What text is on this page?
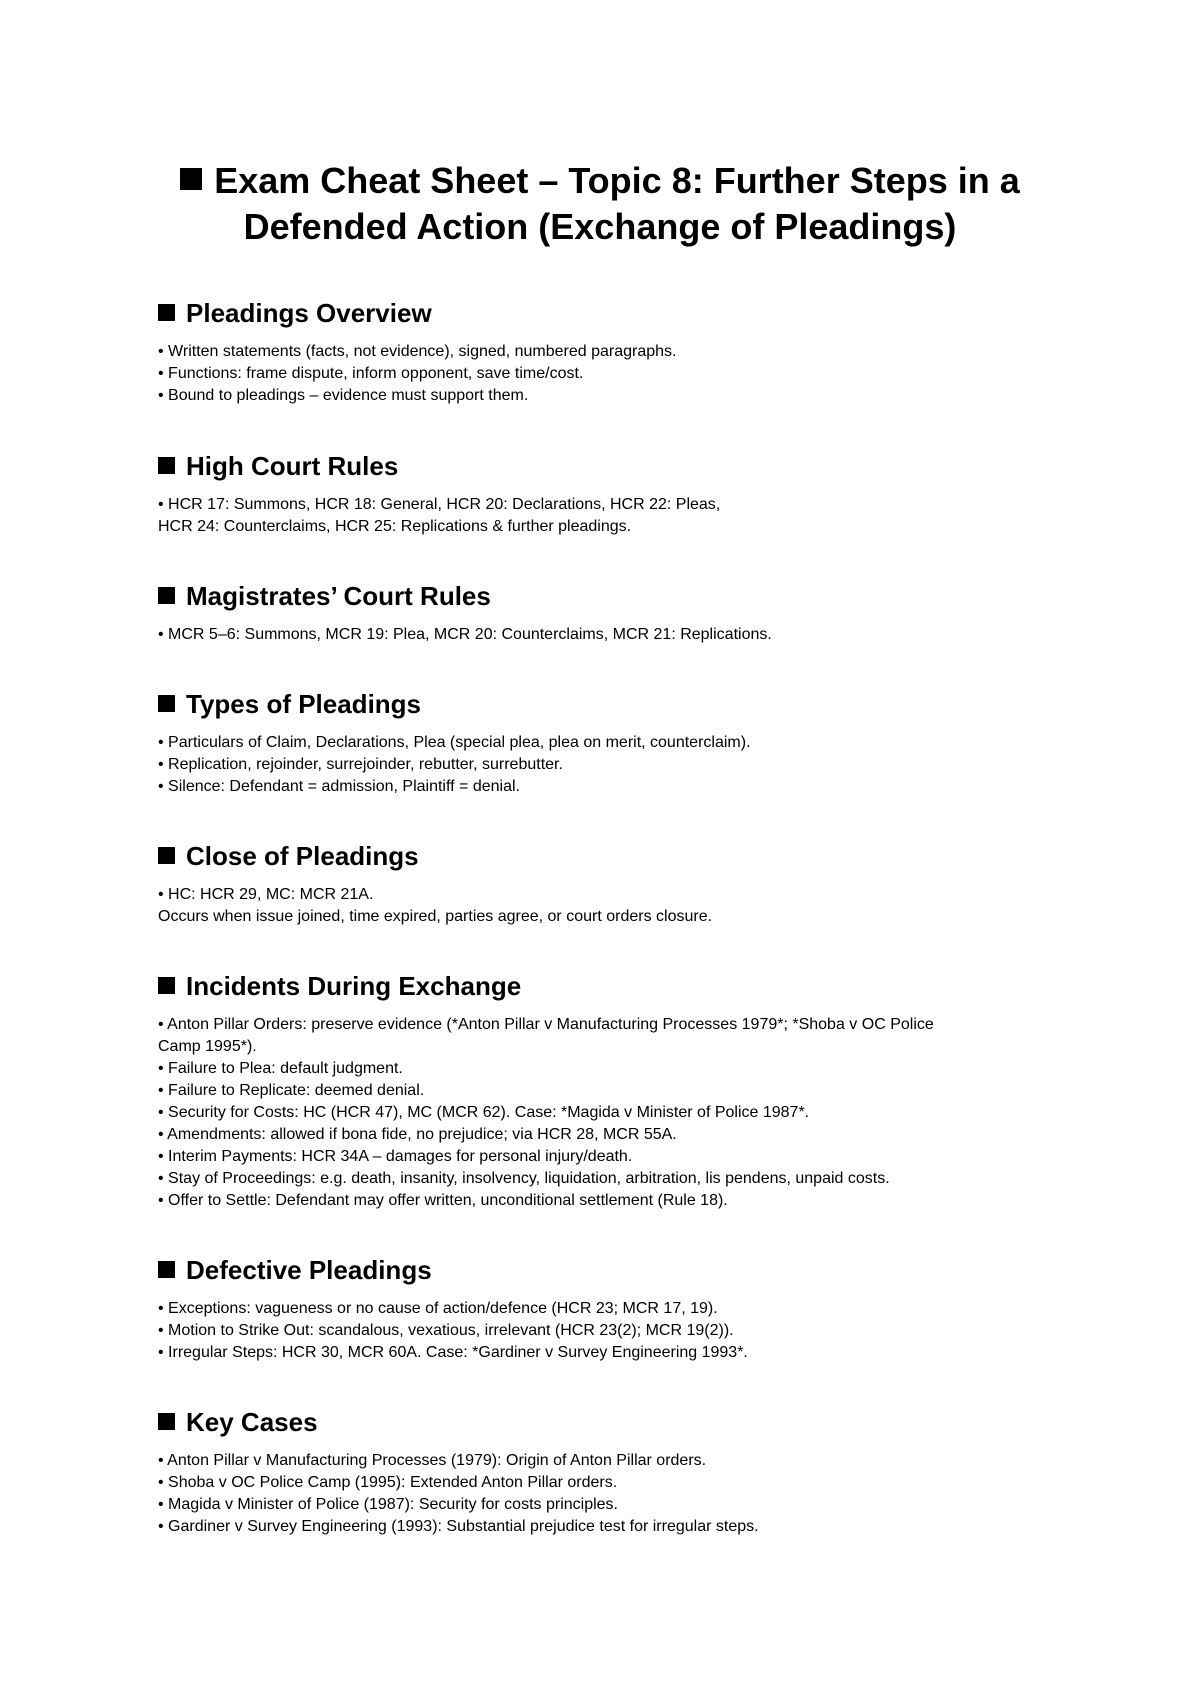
Exam Cheat Sheet – Topic 8: Further Steps in a
Defended Action (Exchange of Pleadings)
Pleadings Overview

• Written statements (facts, not evidence), signed, numbered paragraphs.

• Functions: frame dispute, inform opponent, save time/cost.

• Bound to pleadings – evidence must support them.

High Court Rules

• HCR 17: Summons, HCR 18: General, HCR 20: Declarations, HCR 22: Pleas,

HCR 24: Counterclaims, HCR 25: Replications & further pleadings.

Magistrates’ Court Rules

• MCR 5–6: Summons, MCR 19: Plea, MCR 20: Counterclaims, MCR 21: Replications.

Types of Pleadings

• Particulars of Claim, Declarations, Plea (special plea, plea on merit, counterclaim).

• Replication, rejoinder, surrejoinder, rebutter, surrebutter.

• Silence: Defendant = admission, Plaintiff = denial.

Close of Pleadings

• HC: HCR 29, MC: MCR 21A.

Occurs when issue joined, time expired, parties agree, or court orders closure.

Incidents During Exchange

• Anton Pillar Orders: preserve evidence (*Anton Pillar v Manufacturing Processes 1979*; *Shoba v OC Police

Camp 1995*).

• Failure to Plea: default judgment.

• Failure to Replicate: deemed denial.

• Security for Costs: HC (HCR 47), MC (MCR 62). Case: *Magida v Minister of Police 1987*.

• Amendments: allowed if bona fide, no prejudice; via HCR 28, MCR 55A.

• Interim Payments: HCR 34A – damages for personal injury/death.

• Stay of Proceedings: e.g. death, insanity, insolvency, liquidation, arbitration, lis pendens, unpaid costs.

• Offer to Settle: Defendant may offer written, unconditional settlement (Rule 18).

Defective Pleadings

• Exceptions: vagueness or no cause of action/defence (HCR 23; MCR 17, 19).

• Motion to Strike Out: scandalous, vexatious, irrelevant (HCR 23(2); MCR 19(2)).

• Irregular Steps: HCR 30, MCR 60A. Case: *Gardiner v Survey Engineering 1993*.

Key Cases

• Anton Pillar v Manufacturing Processes (1979): Origin of Anton Pillar orders.

• Shoba v OC Police Camp (1995): Extended Anton Pillar orders.

• Magida v Minister of Police (1987): Security for costs principles.

• Gardiner v Survey Engineering (1993): Substantial prejudice test for irregular steps.
